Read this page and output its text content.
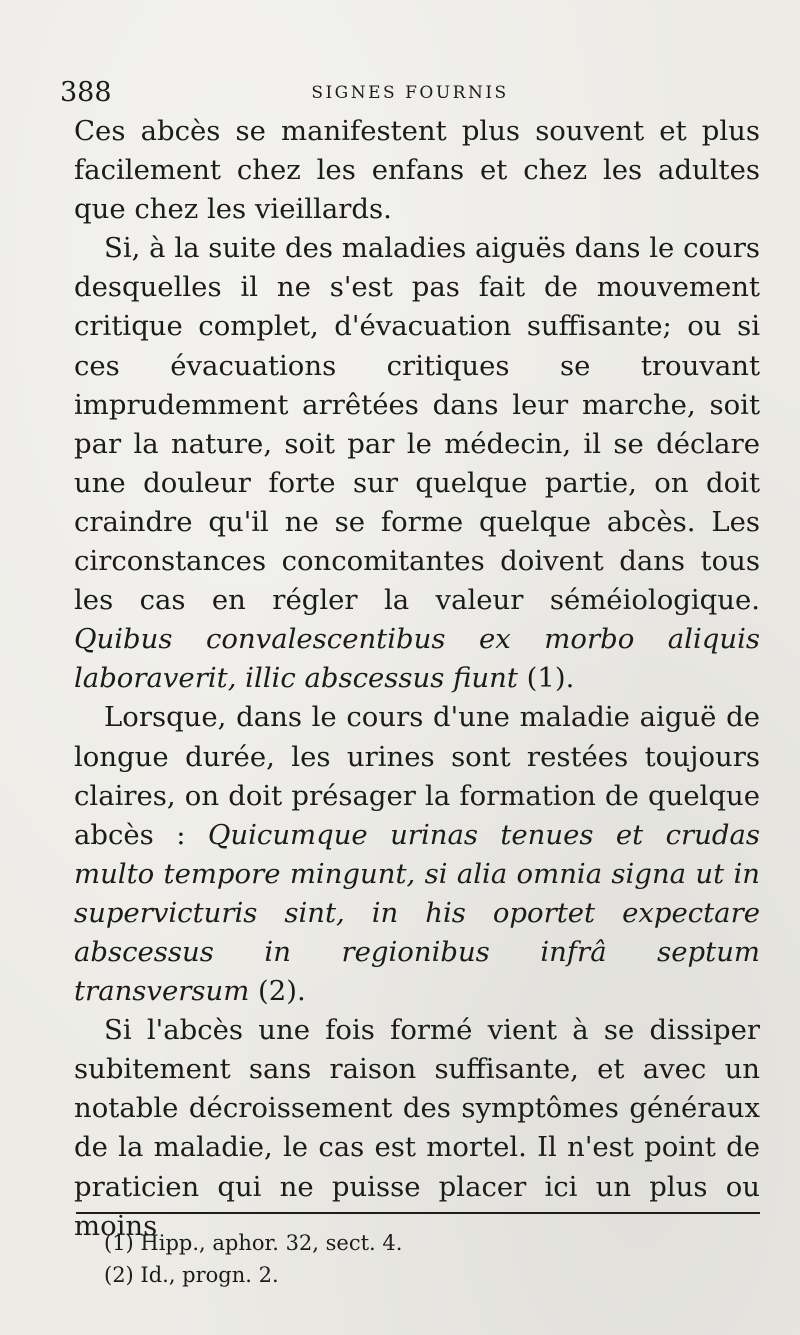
388	SIGNES FOURNIS

Ces abcès se manifestent plus souvent et plus facilement chez les enfans et chez les adultes que chez les vieillards.

Si, à la suite des maladies aiguës dans le cours desquelles il ne s'est pas fait de mouvement critique complet, d'évacuation suffisante; ou si ces évacuations critiques se trouvant imprudemment arrêtées dans leur marche, soit par la nature, soit par le médecin, il se déclare une douleur forte sur quelque partie, on doit craindre qu'il ne se forme quelque abcès. Les circonstances concomitantes doivent dans tous les cas en régler la valeur séméiologique. Quibus convalescentibus ex morbo aliquis laboraverit, illic abscessus fiunt (1).

Lorsque, dans le cours d'une maladie aiguë de longue durée, les urines sont restées toujours claires, on doit présager la formation de quelque abcès : Quicumque urinas tenues et crudas multo tempore mingunt, si alia omnia signa ut in supervicturis sint, in his oportet expectare abscessus in regionibus infrâ septum transversum (2).

Si l'abcès une fois formé vient à se dissiper subitement sans raison suffisante, et avec un notable décroissement des symptômes généraux de la maladie, le cas est mortel. Il n'est point de praticien qui ne puisse placer ici un plus ou moins

(1) Hipp., aphor. 32, sect. 4.

(2) Id., progn. 2.
